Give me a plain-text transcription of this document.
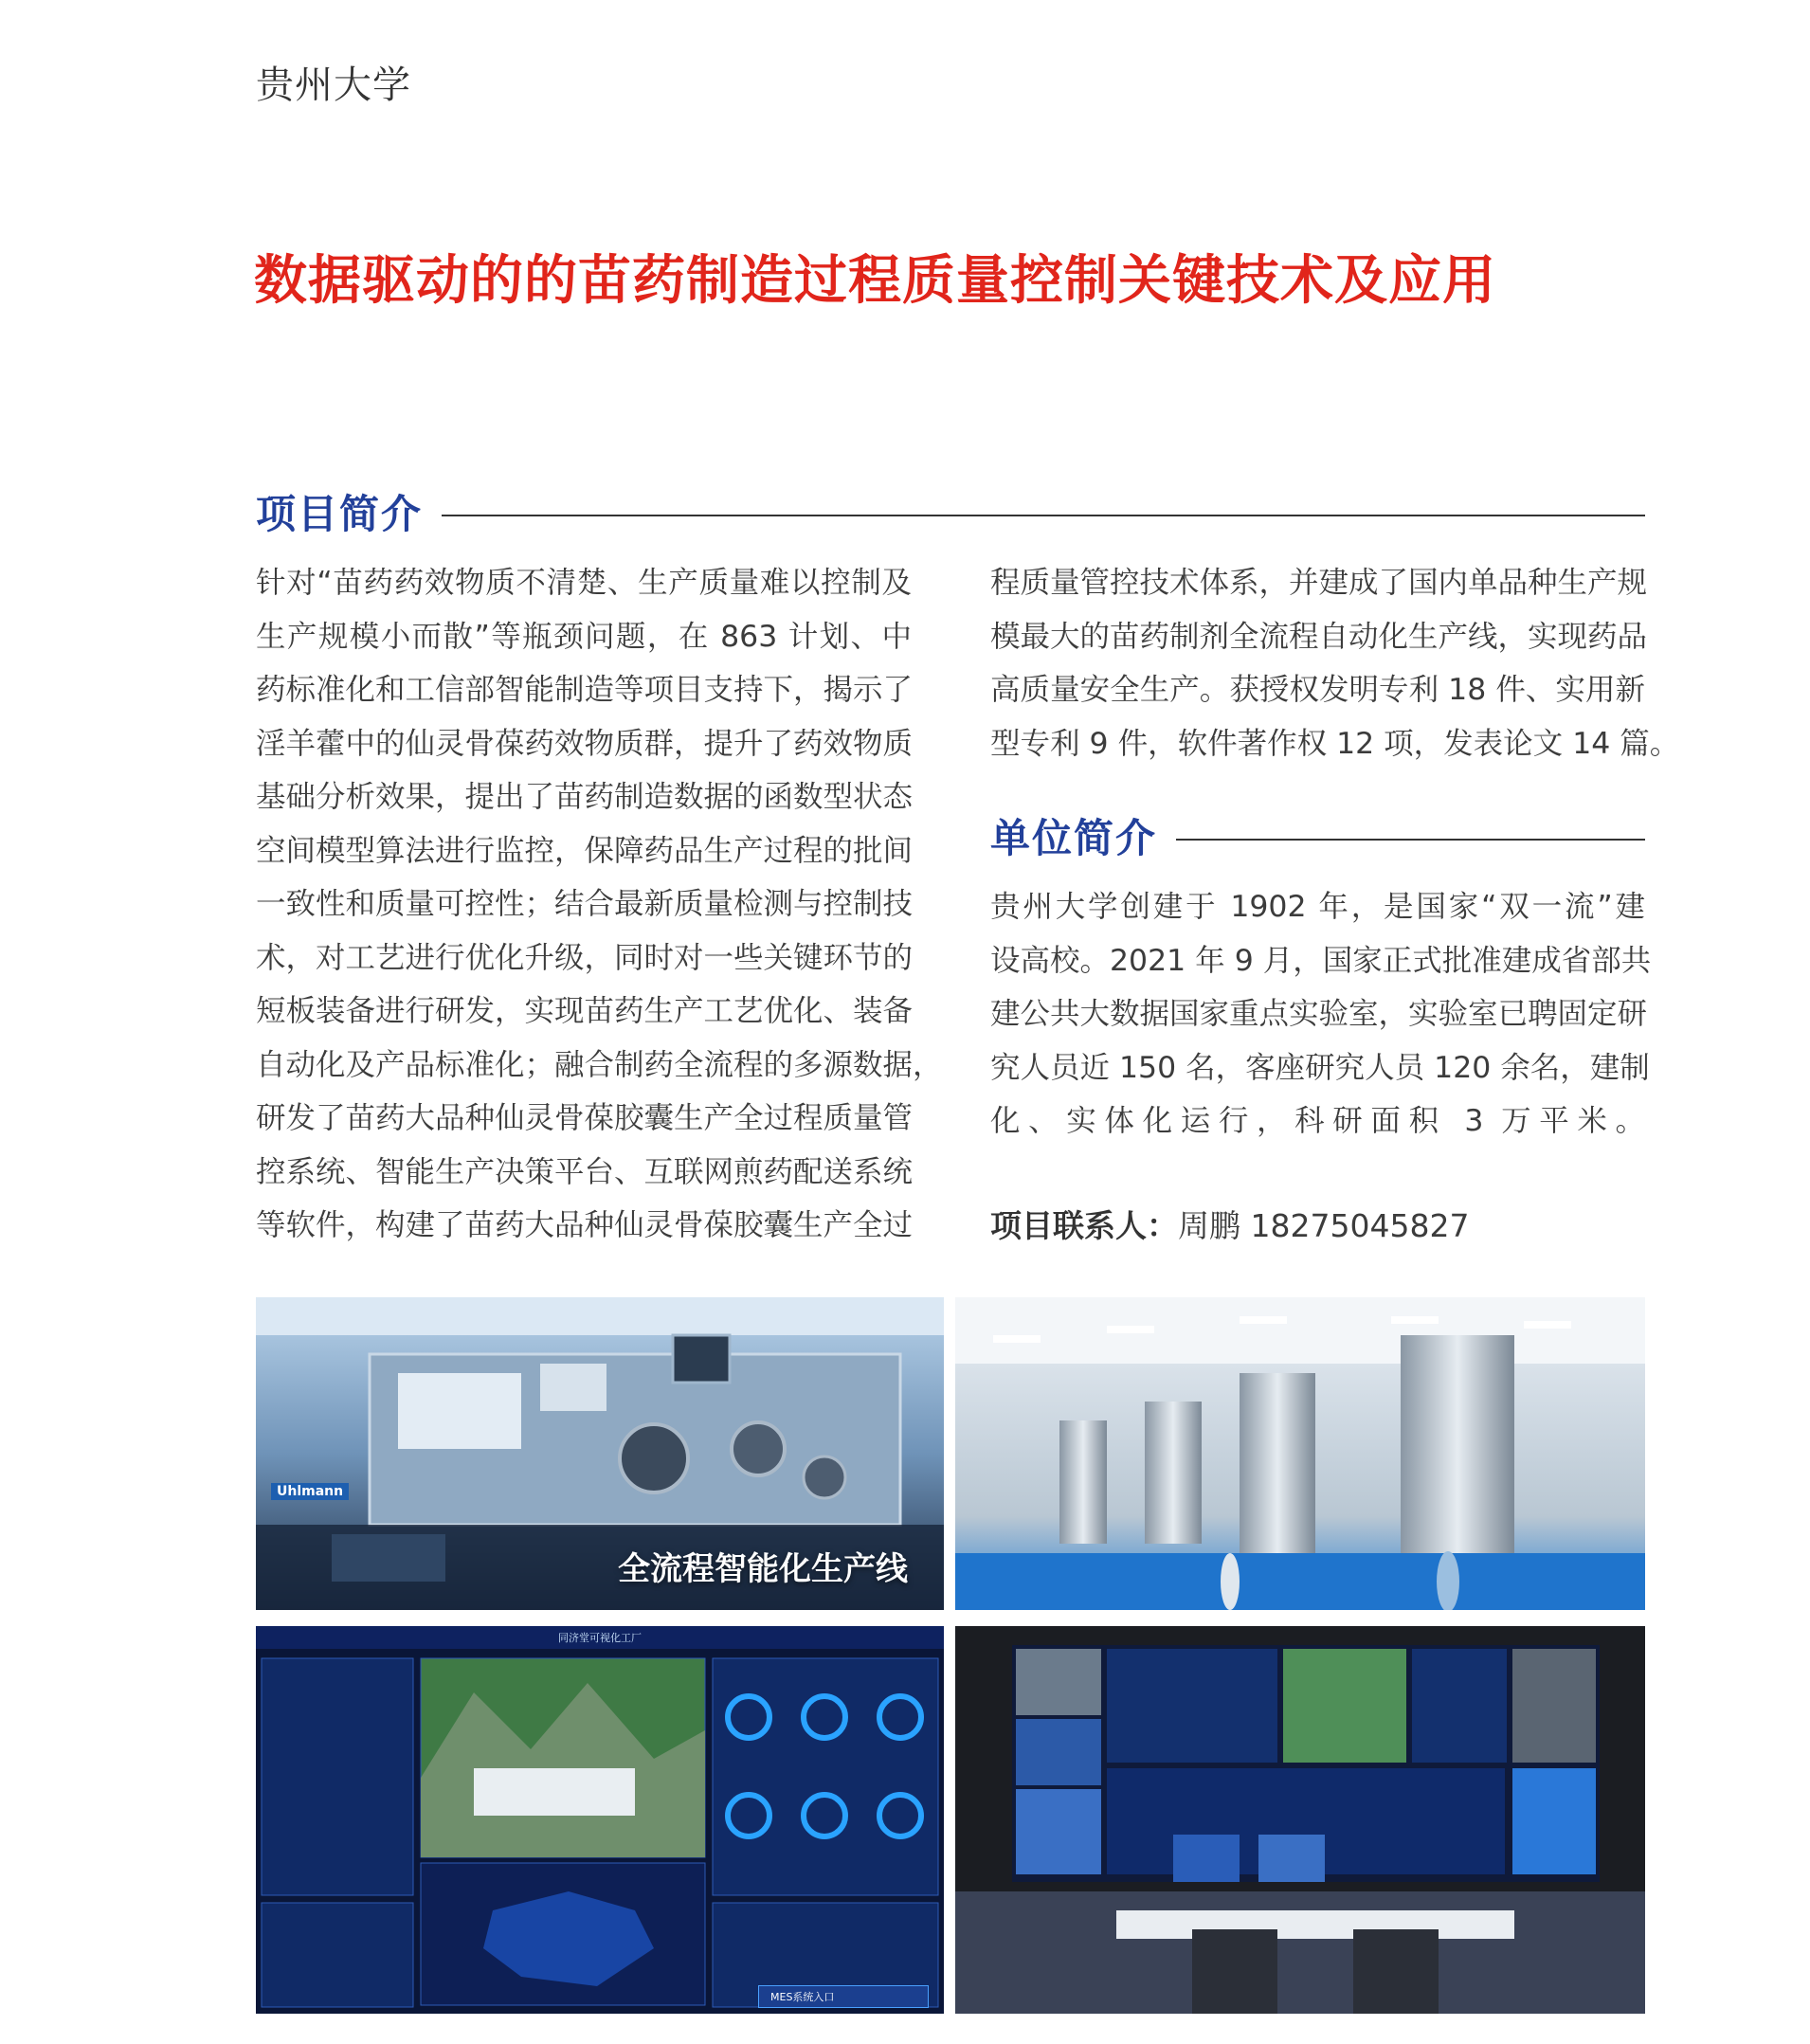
贵州大学
数据驱动的的苗药制造过程质量控制关键技术及应用
项目简介
针对“苗药药效物质不清楚、生产质量难以控制及
生产规模小而散”等瓶颈问题，在 863 计划、中
药标准化和工信部智能制造等项目支持下，揭示了
淫羊藿中的仙灵骨葆药效物质群，提升了药效物质
基础分析效果，提出了苗药制造数据的函数型状态
空间模型算法进行监控，保障药品生产过程的批间
一致性和质量可控性；结合最新质量检测与控制技
术，对工艺进行优化升级，同时对一些关键环节的
短板装备进行研发，实现苗药生产工艺优化、装备
自动化及产品标准化；融合制药全流程的多源数据，
研发了苗药大品种仙灵骨葆胶囊生产全过程质量管
控系统、智能生产决策平台、互联网煎药配送系统
等软件，构建了苗药大品种仙灵骨葆胶囊生产全过
程质量管控技术体系，并建成了国内单品种生产规
模最大的苗药制剂全流程自动化生产线，实现药品
高质量安全生产。获授权发明专利 18 件、实用新
型专利 9 件，软件著作权 12 项，发表论文 14 篇。
单位简介
贵州大学创建于 1902 年，是国家“双一流”建
设高校。2021 年 9 月，国家正式批准建成省部共
建公共大数据国家重点实验室，实验室已聘固定研
究人员近 150 名，客座研究人员 120 余名，建制
化、实体化运行，科研面积 3 万平米。
项目联系人：周鹏 18275045827
Uhlmann
全流程智能化生产线
同济堂可视化工厂
MES系统入口
